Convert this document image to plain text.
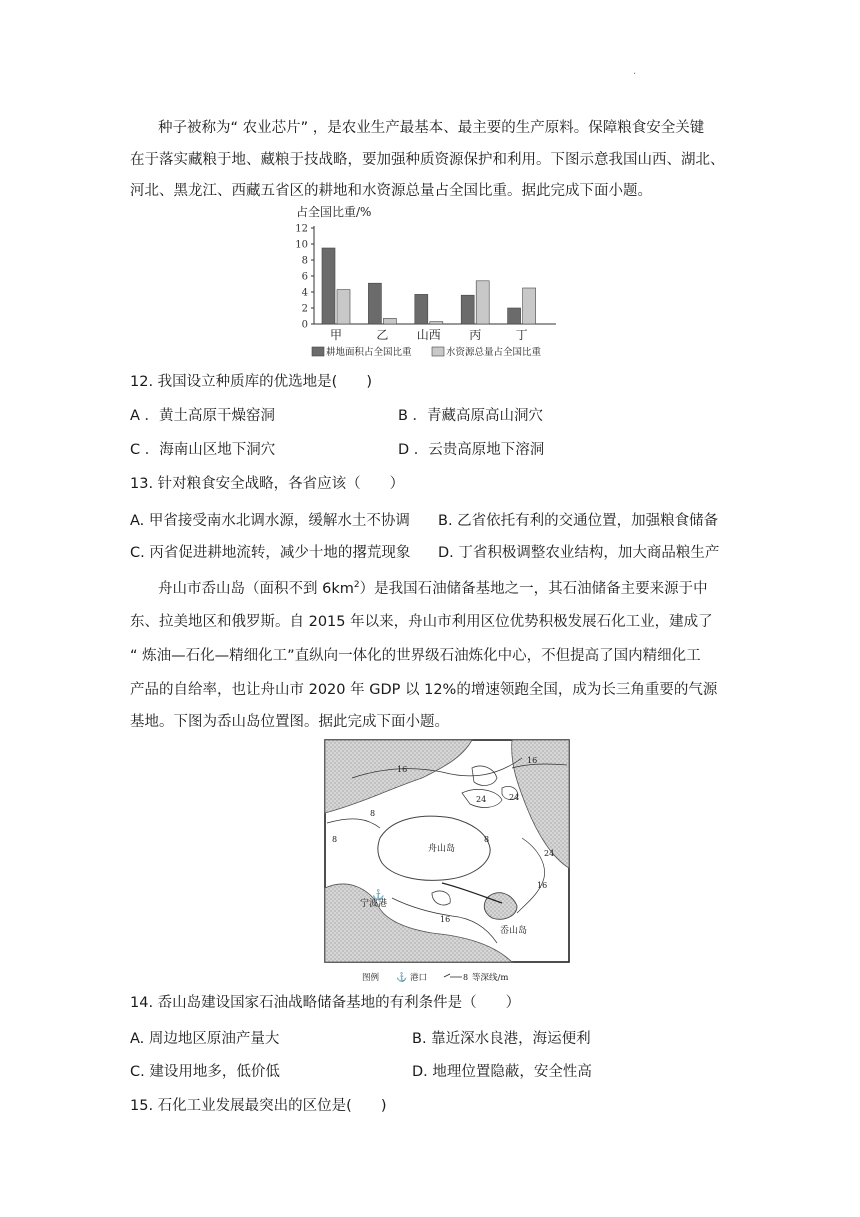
.
种子被称为“ 农业芯片” ，是农业生产最基本、最主要的生产原料。保障粮食安全关键
在于落实藏粮于地、藏粮于技战略，要加强种质资源保护和利用。下图示意我国山西、湖北、
河北、黑龙江、西藏五省区的耕地和水资源总量占全国比重。据此完成下面小题。
占全国比重/%
0
2
4
6
8
10
12
甲	乙 山西 丙	丁
耕地面积占全国比重	水资源总量占全国比重
12. 我国设立种质库的优选地是(　　)
A ．黄土高原干燥窑洞	B ．青藏高原高山洞穴
C ．海南山区地下洞穴	D ．云贵高原地下溶洞
13. 针对粮食安全战略，各省应该（　　）
A. 甲省接受南水北调水源，缓解水土不协调 B. 乙省依托有利的交通位置，加强粮食储备
C. 丙省促进耕地流转，减少十地的撂荒现象 D. 丁省积极调整农业结构，加大商品粮生产
舟山市岙山岛（面积不到 $6km^2$）是我国石油储备基地之一，其石油储备主要来源于中
东、拉美地区和俄罗斯。自 2015 年以来，舟山市利用区位优势积极发展石化工业，建成了
“ 炼油—石化—精细化工”直纵向一体化的世界级石油炼化中心，不但提高了国内精细化工
产品的自给率，也让舟山市 2020 年 GDP 以 12%的增速领跑全国，成为长三角重要的气源
基地。下图为岙山岛位置图。据此完成下面小题。
16
16
16
16
24	24
24
8
8	8
舟山岛
宁波港
岙山岛
⚓
图例 ⚓ 港口	8 等深线/m
14. 岙山岛建设国家石油战略储备基地的有利条件是（　　）
A. 周边地区原油产量大	B. 靠近深水良港，海运便利
C. 建设用地多，低价低	D. 地理位置隐蔽，安全性高
15. 石化工业发展最突出的区位是(　　)
